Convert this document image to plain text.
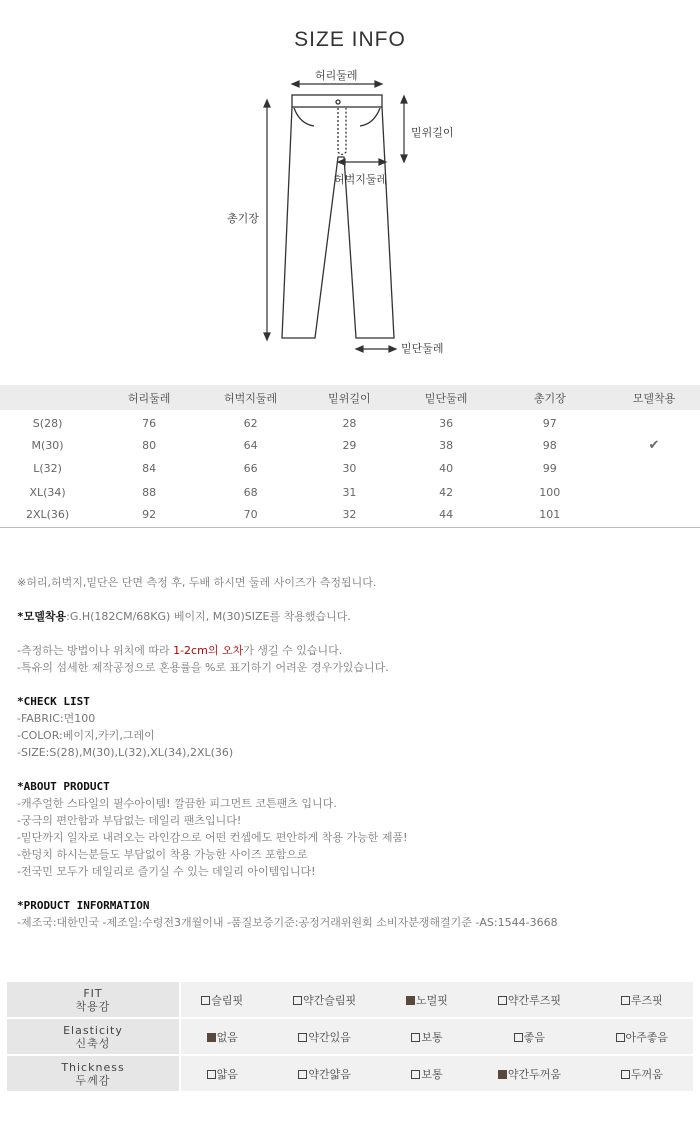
SIZE INFO
허리둘레
밑위길이
허벅지둘레
총기장
밑단둘레
	허리둘레	허벅지둘레	밑위길이	밑단둘레	총기장	모델착용
S(28)	76	62	28	36	97	
M(30)	80	64	29	38	98	✔
L(32)	84	66	30	40	99	
XL(34)	88	68	31	42	100	
2XL(36)	92	70	32	44	101	

※허리,허벅지,밑단은 단면 측정 후, 두배 하시면 둘레 사이즈가 측정됩니다.

*모델착용:G.H(182CM/68KG) 베이지, M(30)SIZE를 착용했습니다.

-측정하는 방법이나 위치에 따라 1-2cm의 오차가 생길 수 있습니다.

-특유의 섬세한 제작공정으로 혼용률을 %로 표기하기 어려운 경우가있습니다.

*CHECK LIST

-FABRIC:면100

-COLOR:베이지,카키,그레이

-SIZE:S(28),M(30),L(32),XL(34),2XL(36)

*ABOUT PRODUCT

-캐주얼한 스타일의 필수아이템! 깔끔한 피그먼트 코튼팬츠 입니다.

-궁극의 편안함과 부담없는 데일리 팬츠입니다!

-밑단까지 일자로 내려오는 라인감으로 어떤 컨셉에도 편안하게 착용 가능한 제품!

-한덩치 하시는분들도 부담없이 착용 가능한 사이즈 포함으로

-전국민 모두가 데일리로 즐기실 수 있는 데일리 아이템입니다!

*PRODUCT INFORMATION

-제조국:대한민국 -제조일:수령전3개월이내 -품질보증기준:공정거래위원회 소비자분쟁해결기준 -AS:1544-3668

FIT
착용감	슬림핏	약간슬림핏	노멀핏	약간루즈핏	루즈핏

Elasticity
신축성	없음	약간있음	보통	좋음	아주좋음

Thickness
두께감	얇음	약간얇음	보통	약간두꺼움	두꺼움
